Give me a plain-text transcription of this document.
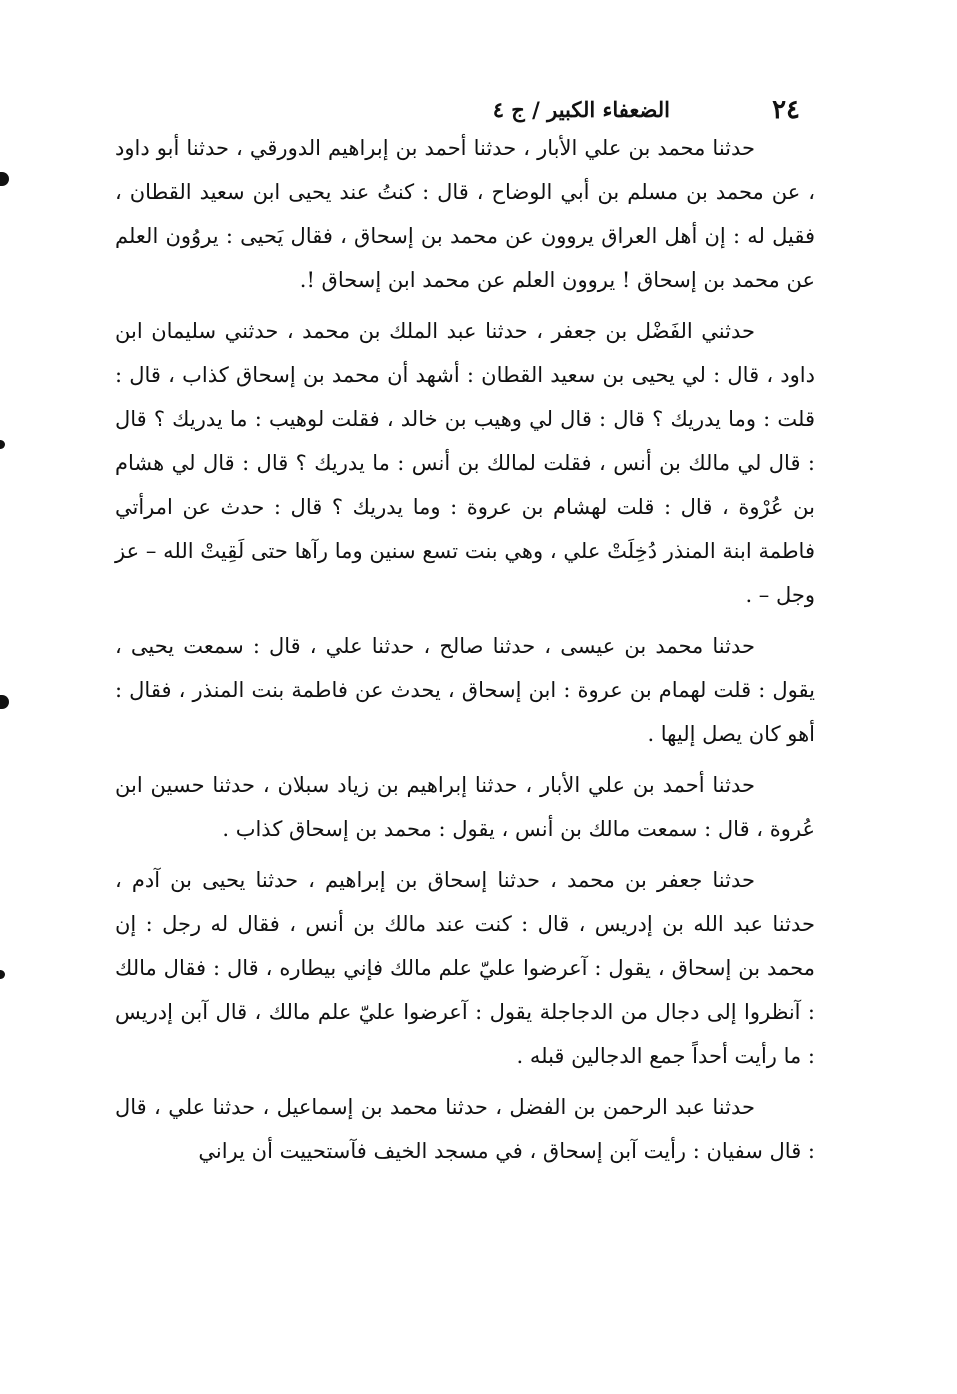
٢٤
الضعفاء الكبير / ج ٤

حدثنا محمد بن علي الأبار ، حدثنا أحمد بن إبراهيم الدورقي ، حدثنا أبو داود ، عن محمد بن مسلم بن أبي الوضاح ، قال : كنتُ عند يحيى ابن سعيد القطان ، فقيل له : إن أهل العراق يروون عن محمد بن إسحاق ، فقال يَحيى : يروُون العلم عن محمد بن إسحاق ! يروون العلم عن محمد ابن إسحاق !.

حدثني الفَضْل بن جعفر ، حدثنا عبد الملك بن محمد ، حدثني سليمان ابن داود ، قال : لي يحيى بن سعيد القطان : أشهد أن محمد بن إسحاق كذاب ، قال : قلت : وما يدريك ؟ قال : قال لي وهيب بن خالد ، فقلت لوهيب : ما يدريك ؟ قال : قال لي مالك بن أنس ، فقلت لمالك بن أنس : ما يدريك ؟ قال : قال لي هشام بن عُرْوة ، قال : قلت لهشام بن عروة : وما يدريك ؟ قال : حدث عن امرأتي فاطمة ابنة المنذر دُخِلَتْ علي ، وهي بنت تسع سنين وما رآها حتى لَقِيتْ الله – عز وجل – .

حدثنا محمد بن عيسى ، حدثنا صالح ، حدثنا علي ، قال : سمعت يحيى ، يقول : قلت لهمام بن عروة : ابن إسحاق ، يحدث عن فاطمة بنت المنذر ، فقال : أهو كان يصل إليها .

حدثنا أحمد بن علي الأبار ، حدثنا إبراهيم بن زياد سبلان ، حدثنا حسين ابن عُروة ، قال : سمعت مالك بن أنس ، يقول : محمد بن إسحاق كذاب .

حدثنا جعفر بن محمد ، حدثنا إسحاق بن إبراهيم ، حدثنا يحيى بن آدم ، حدثنا عبد الله بن إدريس ، قال : كنت عند مالك بن أنس ، فقال له رجل : إن محمد بن إسحاق ، يقول : آعرضوا عليّ علم مالك فإني بيطاره ، قال : فقال مالك : آنظروا إلى دجال من الدجاجلة يقول : آعرضوا عليّ علم مالك ، قال آبن إدريس : ما رأيت أحداً جمع الدجالين قبله .

حدثنا عبد الرحمن بن الفضل ، حدثنا محمد بن إسماعيل ، حدثنا علي ، قال : قال سفيان : رأيت آبن إسحاق ، في مسجد الخيف فآستحييت أن يراني
